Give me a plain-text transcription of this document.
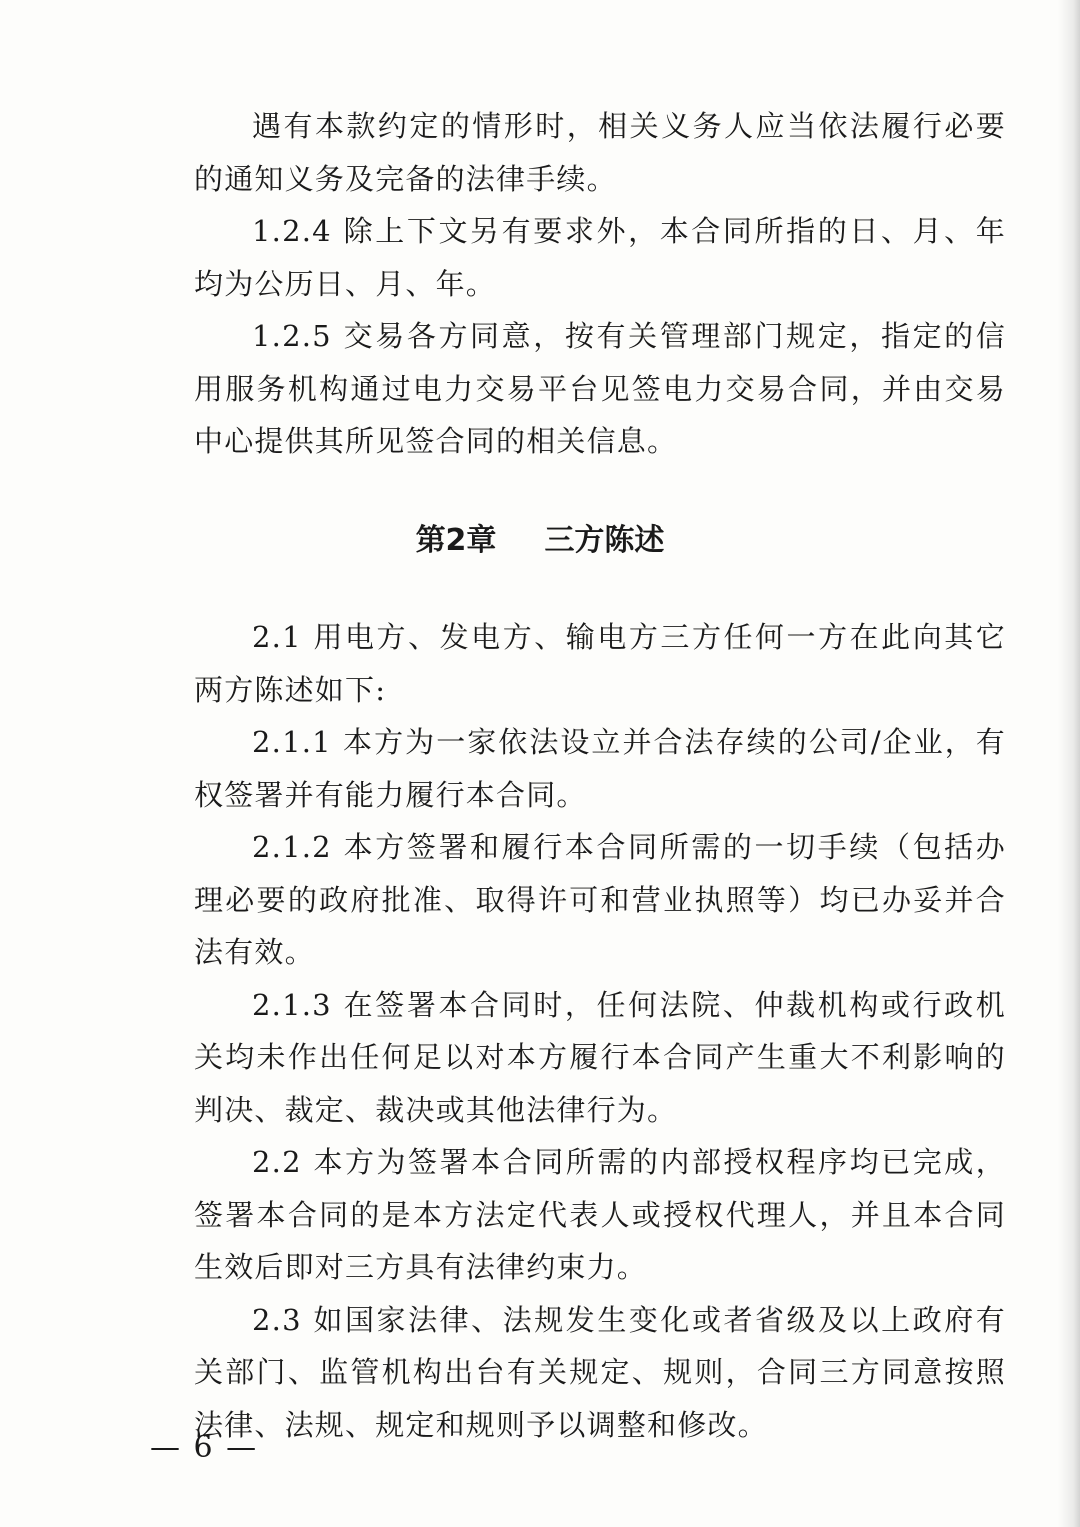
遇有本款约定的情形时，相关义务人应当依法履行必要的通知义务及完备的法律手续。

1.2.4 除上下文另有要求外，本合同所指的日、月、年均为公历日、月、年。

1.2.5 交易各方同意，按有关管理部门规定，指定的信用服务机构通过电力交易平台见签电力交易合同，并由交易中心提供其所见签合同的相关信息。

第2章 三方陈述

2.1 用电方、发电方、输电方三方任何一方在此向其它两方陈述如下:

2.1.1 本方为一家依法设立并合法存续的公司/企业，有权签署并有能力履行本合同。

2.1.2 本方签署和履行本合同所需的一切手续（包括办理必要的政府批准、取得许可和营业执照等）均已办妥并合法有效。

2.1.3 在签署本合同时，任何法院、仲裁机构或行政机关均未作出任何足以对本方履行本合同产生重大不利影响的判决、裁定、裁决或其他法律行为。

2.2 本方为签署本合同所需的内部授权程序均已完成，签署本合同的是本方法定代表人或授权代理人，并且本合同生效后即对三方具有法律约束力。

2.3 如国家法律、法规发生变化或者省级及以上政府有关部门、监管机构出台有关规定、规则，合同三方同意按照法律、法规、规定和规则予以调整和修改。

— 6 —
